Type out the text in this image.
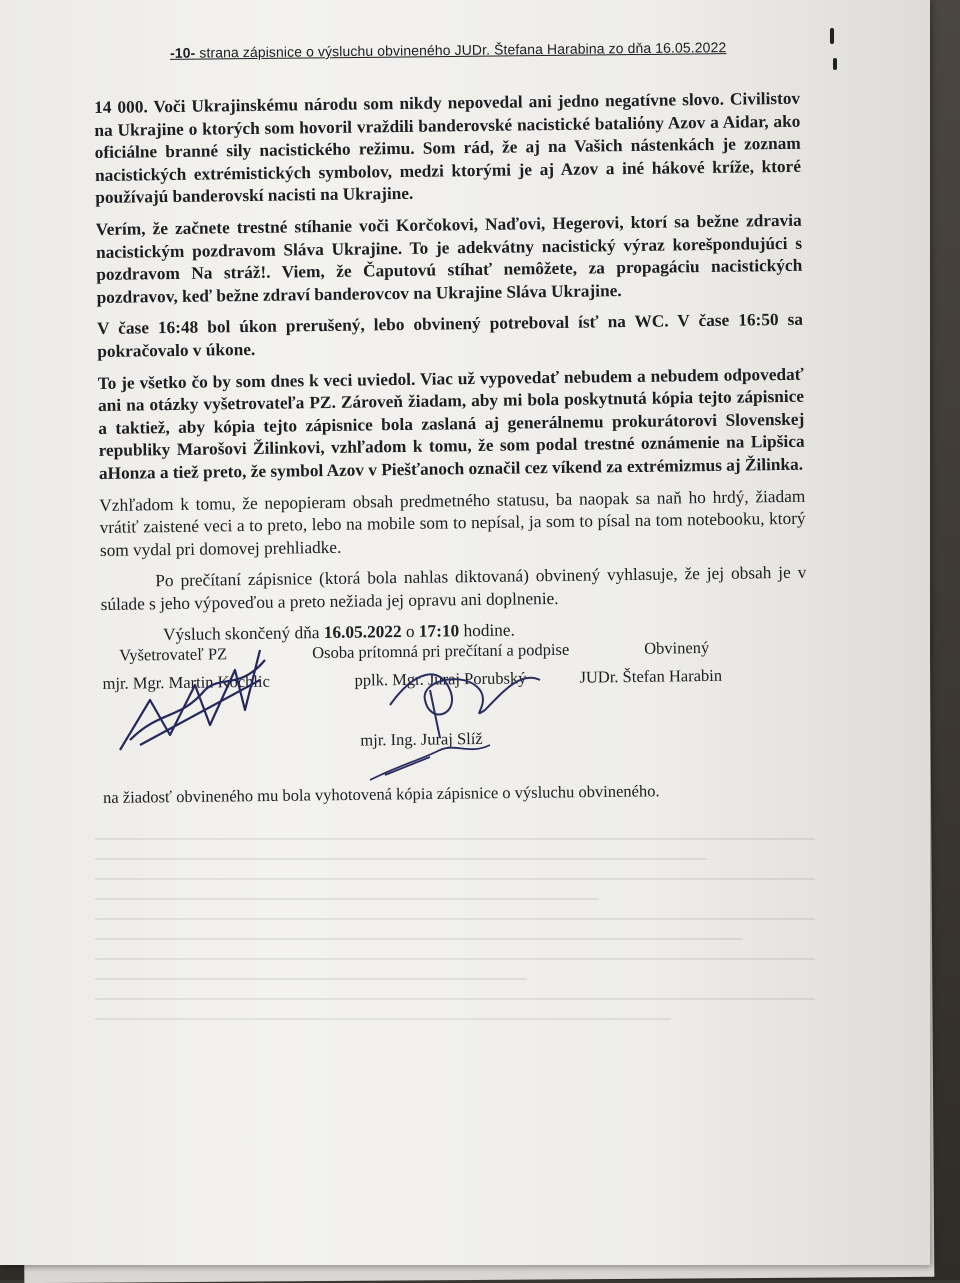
-10- strana zápisnice o výsluchu obvineného JUDr. Štefana Harabina zo dňa 16.05.2022

14 000. Voči Ukrajinskému národu som nikdy nepovedal ani jedno negatívne slovo. Civilistov na Ukrajine o ktorých som hovoril vraždili banderovské nacistické bataliόny Azov a Aidar, ako oficiálne branné sily nacistického režimu. Som rád, že aj na Vašich nástenkách je zoznam nacistických extrémistických symbolov, medzi ktorými je aj Azov a iné hákové kríže, ktoré používajú banderovskí nacisti na Ukrajine.

Verím, že začnete trestné stíhanie voči Korčokovi, Naďovi, Hegerovi, ktorí sa bežne zdravia nacistickým pozdravom Sláva Ukrajine. To je adekvátny nacistický výraz korešpondujúci s pozdravom Na stráž!. Viem, že Čaputovú stíhať nemôžete, za propagáciu nacistických pozdravov, keď bežne zdraví banderovcov na Ukrajine Sláva Ukrajine.

V čase 16:48 bol úkon prerušený, lebo obvinený potreboval ísť na WC. V čase 16:50 sa pokračovalo v úkone.

To je všetko čo by som dnes k veci uviedol. Viac už vypovedať nebudem a nebudem odpovedať ani na otázky vyšetrovateľa PZ. Zároveň žiadam, aby mi bola poskytnutá kópia tejto zápisnice a taktiež, aby kópia tejto zápisnice bola zaslaná aj generálnemu prokurátorovi Slovenskej republiky Marošovi Žilinkovi, vzhľadom k tomu, že som podal trestné oznámenie na Lipšica aHonza a tiež preto, že symbol Azov v Piešťanoch označil cez víkend za extrémizmus aj Žilinka.

Vzhľadom k tomu, že nepopieram obsah predmetného statusu, ba naopak sa naň ho hrdý, žiadam vrátiť zaistené veci a to preto, lebo na mobile som to nepísal, ja som to písal na tom notebooku, ktorý som vydal pri domovej prehliadke.

Po prečítaní zápisnice (ktorá bola nahlas diktovaná) obvinený vyhlasuje, že jej obsah je v súlade s jeho výpoveďou a preto nežiada jej opravu ani doplnenie.

Výsluch skončený dňa 16.05.2022 o 17:10 hodine.

Vyšetrovateľ PZ
mjr. Mgr. Martin Kochlic
Osoba prítomná pri prečítaní a podpise
pplk. Mgr. Juraj Porubský
mjr. Ing. Juraj Slíž
Obvinený
JUDr. Štefan Harabin
na žiadosť obvineného mu bola vyhotovená kópia zápisnice o výsluchu obvineného.
